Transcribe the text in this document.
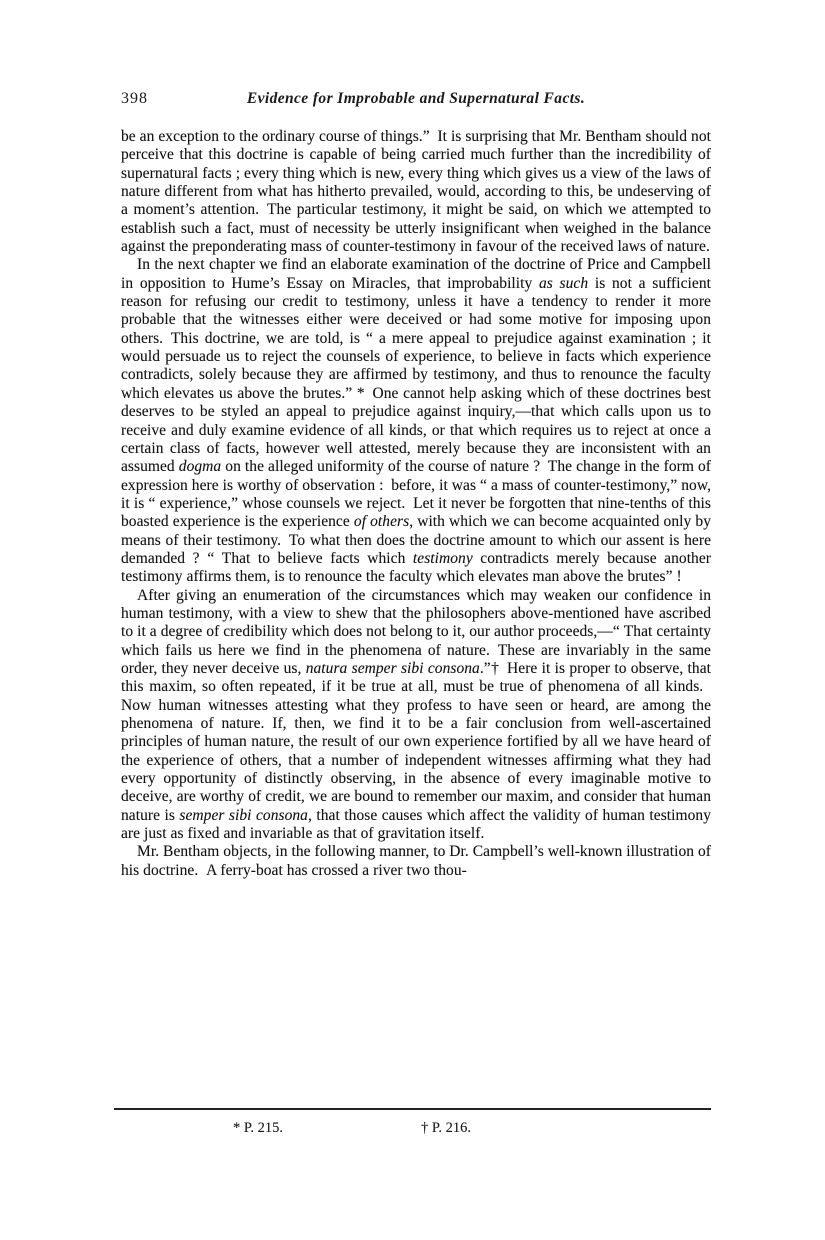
398	Evidence for Improbable and Supernatural Facts.

be an exception to the ordinary course of things.” It is surprising that Mr. Bentham should not perceive that this doctrine is capable of being carried much further than the incredibility of supernatural facts ; every thing which is new, every thing which gives us a view of the laws of nature different from what has hitherto prevailed, would, according to this, be undeserving of a moment’s attention. The particular testimony, it might be said, on which we attempted to establish such a fact, must of necessity be utterly insignificant when weighed in the balance against the preponderating mass of counter-testimony in favour of the received laws of nature.

In the next chapter we find an elaborate examination of the doctrine of Price and Campbell in opposition to Hume’s Essay on Miracles, that improbability as such is not a sufficient reason for refusing our credit to testimony, unless it have a tendency to render it more probable that the witnesses either were deceived or had some motive for imposing upon others. This doctrine, we are told, is “ a mere appeal to prejudice against examination ; it would persuade us to reject the counsels of experience, to believe in facts which experience contradicts, solely because they are affirmed by testimony, and thus to renounce the faculty which elevates us above the brutes.” * One cannot help asking which of these doctrines best deserves to be styled an appeal to prejudice against inquiry,—that which calls upon us to receive and duly examine evidence of all kinds, or that which requires us to reject at once a certain class of facts, however well attested, merely because they are inconsistent with an assumed dogma on the alleged uniformity of the course of nature ? The change in the form of expression here is worthy of observation : before, it was “ a mass of counter-testimony,” now, it is “ experience,” whose counsels we reject. Let it never be forgotten that nine-tenths of this boasted experience is the experience of others, with which we can become acquainted only by means of their testimony. To what then does the doctrine amount to which our assent is here demanded ? “ That to believe facts which testimony contradicts merely because another testimony affirms them, is to renounce the faculty which elevates man above the brutes” !

After giving an enumeration of the circumstances which may weaken our confidence in human testimony, with a view to shew that the philosophers above-mentioned have ascribed to it a degree of credibility which does not belong to it, our author proceeds,—“ That certainty which fails us here we find in the phenomena of nature. These are invariably in the same order, they never deceive us, natura semper sibi consona.”† Here it is proper to observe, that this maxim, so often repeated, if it be true at all, must be true of phenomena of all kinds. Now human witnesses attesting what they profess to have seen or heard, are among the phenomena of nature. If, then, we find it to be a fair conclusion from well-ascertained principles of human nature, the result of our own experience fortified by all we have heard of the experience of others, that a number of independent witnesses affirming what they had every opportunity of distinctly observing, in the absence of every imaginable motive to deceive, are worthy of credit, we are bound to remember our maxim, and consider that human nature is semper sibi consona, that those causes which affect the validity of human testimony are just as fixed and invariable as that of gravitation itself.

Mr. Bentham objects, in the following manner, to Dr. Campbell’s well-known illustration of his doctrine. A ferry-boat has crossed a river two thou-

* P. 215.	† P. 216.
